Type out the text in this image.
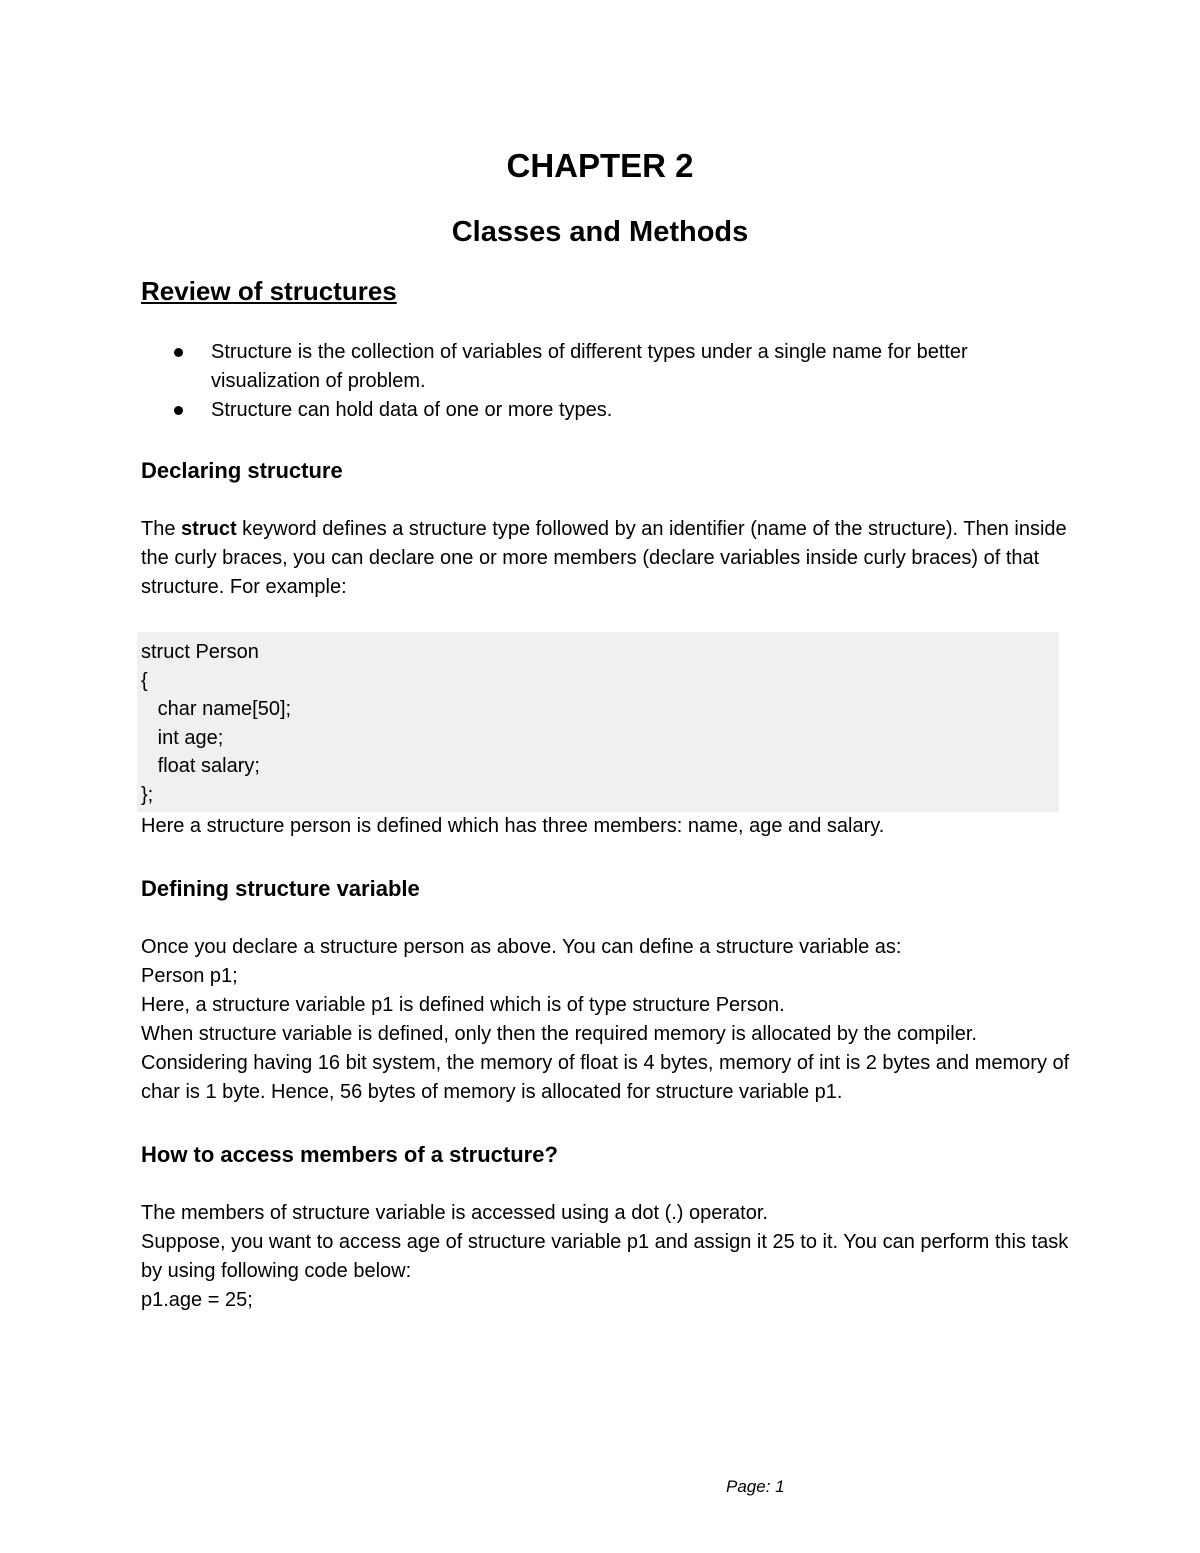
CHAPTER 2
Classes and Methods
Review of structures
Structure is the collection of variables of different types under a single name for better visualization of problem.
Structure can hold data of one or more types.
Declaring structure

The struct keyword defines a structure type followed by an identifier (name of the structure). Then inside the curly braces, you can declare one or more members (declare variables inside curly braces) of that structure. For example:

struct Person
{
char name[50];
int age;
float salary;
};
Here a structure person is defined which has three members: name, age and salary.
Defining structure variable
Once you declare a structure person as above. You can define a structure variable as:
Person p1;
Here, a structure variable p1 is defined which is of type structure Person.
When structure variable is defined, only then the required memory is allocated by the compiler.
Considering having 16 bit system, the memory of float is 4 bytes, memory of int is 2 bytes and memory of char is 1 byte. Hence, 56 bytes of memory is allocated for structure variable p1.
How to access members of a structure?
The members of structure variable is accessed using a dot (.) operator.
Suppose, you want to access age of structure variable p1 and assign it 25 to it. You can perform this task by using following code below:
p1.age = 25;
Page: 1
